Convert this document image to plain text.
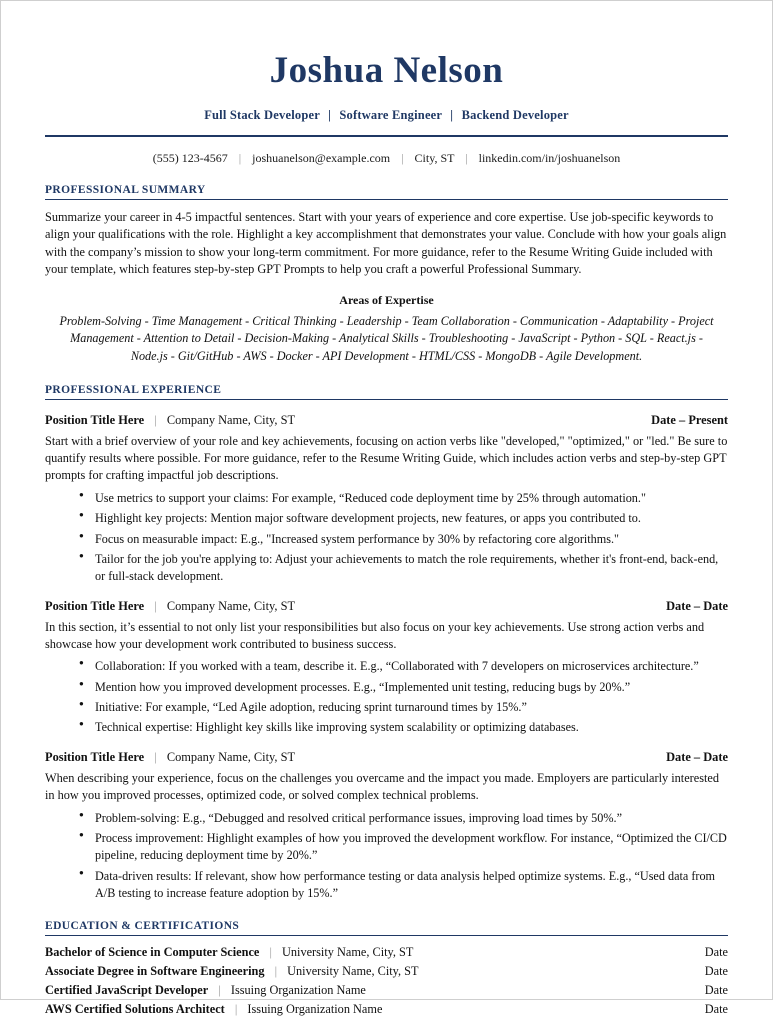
Joshua Nelson
Full Stack Developer | Software Engineer | Backend Developer
(555) 123-4567 | joshuanelson@example.com | City, ST | linkedin.com/in/joshuanelson
PROFESSIONAL SUMMARY
Summarize your career in 4-5 impactful sentences. Start with your years of experience and core expertise. Use job-specific keywords to align your qualifications with the role. Highlight a key accomplishment that demonstrates your value. Conclude with how your goals align with the company’s mission to show your long-term commitment. For more guidance, refer to the Resume Writing Guide included with your template, which features step-by-step GPT Prompts to help you craft a powerful Professional Summary.
Areas of Expertise
Problem-Solving - Time Management - Critical Thinking - Leadership - Team Collaboration - Communication - Adaptability - Project Management - Attention to Detail - Decision-Making - Analytical Skills - Troubleshooting - JavaScript - Python - SQL - React.js - Node.js - Git/GitHub - AWS - Docker - API Development - HTML/CSS - MongoDB - Agile Development.
PROFESSIONAL EXPERIENCE
Position Title Here | Company Name, City, ST	Date – Present
Start with a brief overview of your role and key achievements, focusing on action verbs like "developed," "optimized," or "led." Be sure to quantify results where possible. For more guidance, refer to the Resume Writing Guide, which includes action verbs and step-by-step GPT prompts for crafting impactful job descriptions.
● Use metrics to support your claims: For example, “Reduced code deployment time by 25% through automation."
● Highlight key projects: Mention major software development projects, new features, or apps you contributed to.
● Focus on measurable impact: E.g., "Increased system performance by 30% by refactoring core algorithms."
● Tailor for the job you're applying to: Adjust your achievements to match the role requirements, whether it's front-end, back-end, or full-stack development.
Position Title Here | Company Name, City, ST	Date – Date
In this section, it’s essential to not only list your responsibilities but also focus on your key achievements. Use strong action verbs and showcase how your development work contributed to business success.
● Collaboration: If you worked with a team, describe it. E.g., “Collaborated with 7 developers on microservices architecture.”
● Mention how you improved development processes. E.g., “Implemented unit testing, reducing bugs by 20%.”
● Initiative: For example, “Led Agile adoption, reducing sprint turnaround times by 15%.”
● Technical expertise: Highlight key skills like improving system scalability or optimizing databases.
Position Title Here | Company Name, City, ST	Date – Date
When describing your experience, focus on the challenges you overcame and the impact you made. Employers are particularly interested in how you improved processes, optimized code, or solved complex technical problems.
● Problem-solving: E.g., “Debugged and resolved critical performance issues, improving load times by 50%.”
● Process improvement: Highlight examples of how you improved the development workflow. For instance, “Optimized the CI/CD pipeline, reducing deployment time by 20%.”
● Data-driven results: If relevant, show how performance testing or data analysis helped optimize systems. E.g., “Used data from A/B testing to increase feature adoption by 15%.”
EDUCATION & CERTIFICATIONS
Bachelor of Science in Computer Science | University Name, City, ST	Date
Associate Degree in Software Engineering | University Name, City, ST	Date
Certified JavaScript Developer | Issuing Organization Name	Date
AWS Certified Solutions Architect | Issuing Organization Name	Date
